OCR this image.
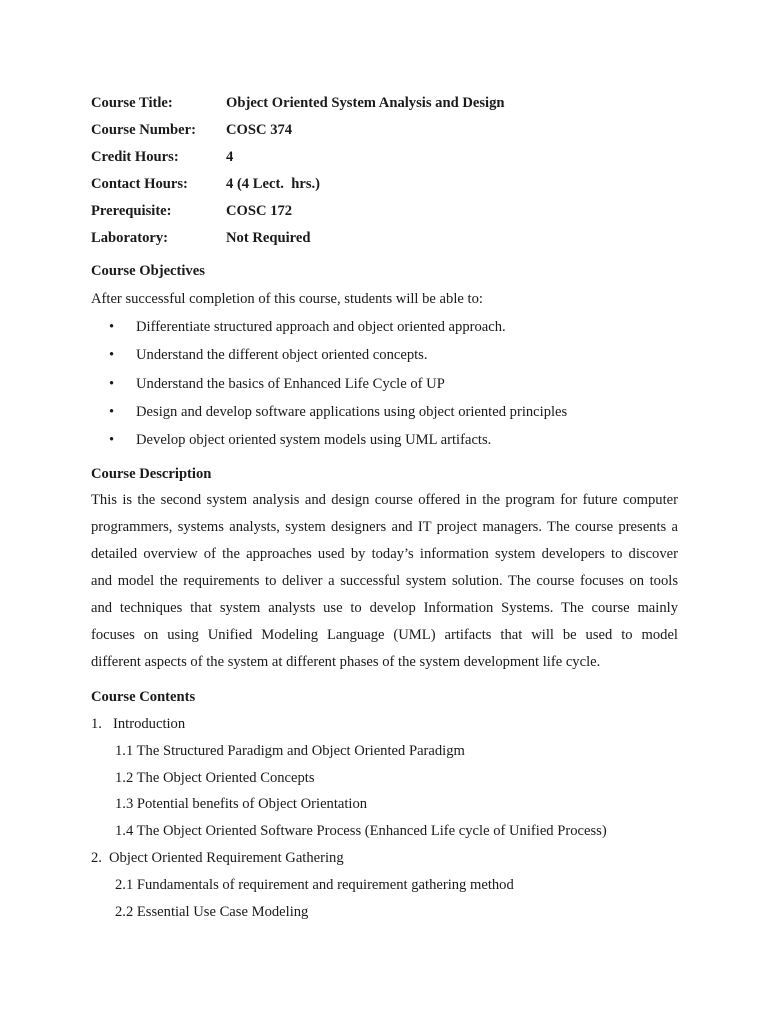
Course Title:	Object Oriented System Analysis and Design
Course Number: COSC 374
Credit Hours:	4
Contact Hours:	4 (4 Lect.  hrs.)
Prerequisite:	COSC 172
Laboratory:	Not Required
Course Objectives
After successful completion of this course, students will be able to:
• Differentiate structured approach and object oriented approach.
• Understand the different object oriented concepts.
• Understand the basics of Enhanced Life Cycle of UP
• Design and develop software applications using object oriented principles
• Develop object oriented system models using UML artifacts.
Course Description
This is the second system analysis and design course offered in the program for future computer
programmers, systems analysts, system designers and IT project managers. The course presents a
detailed overview of the approaches used by today’s information system developers to discover
and model the requirements to deliver a successful system solution. The course focuses on tools
and techniques that system analysts use to develop Information Systems. The course mainly
focuses on using Unified Modeling Language (UML) artifacts that will be used to model
different aspects of the system at different phases of the system development life cycle.
Course Contents
1. Introduction
1.1 The Structured Paradigm and Object Oriented Paradigm
1.2 The Object Oriented Concepts
1.3 Potential benefits of Object Orientation
1.4 The Object Oriented Software Process (Enhanced Life cycle of Unified Process)
2. Object Oriented Requirement Gathering
2.1 Fundamentals of requirement and requirement gathering method
2.2 Essential Use Case Modeling
